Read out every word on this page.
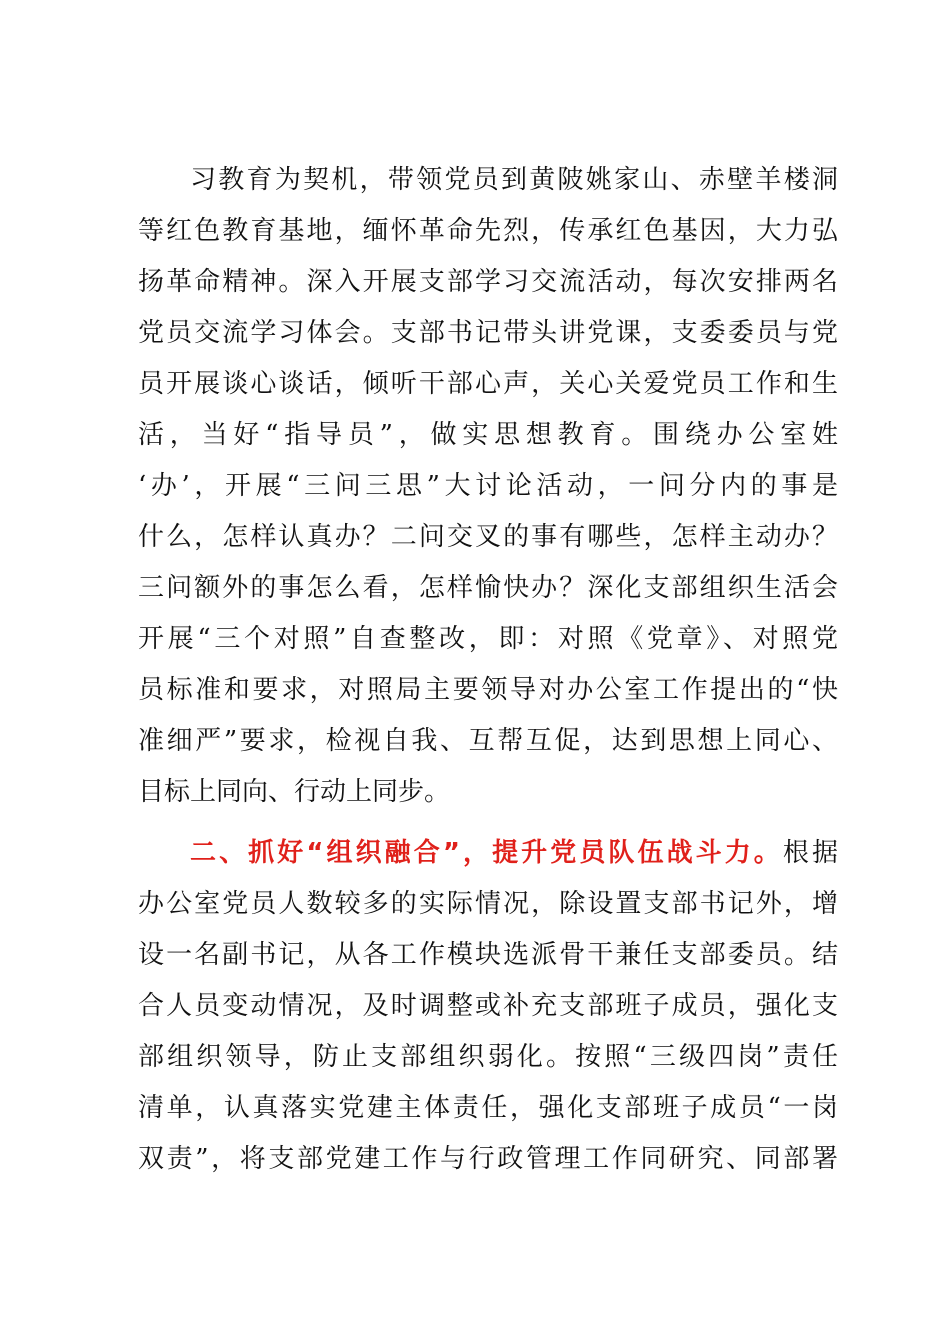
习教育为契机，带领党员到黄陂姚家山、赤壁羊楼洞
等红色教育基地，缅怀革命先烈，传承红色基因，大力弘
扬革命精神。深入开展支部学习交流活动，每次安排两名
党员交流学习体会。支部书记带头讲党课，支委委员与党
员开展谈心谈话，倾听干部心声，关心关爱党员工作和生
活，当好“指导员”，做实思想教育。围绕办公室姓
‘办’，开展“三问三思”大讨论活动，一问分内的事是
什么，怎样认真办？二问交叉的事有哪些，怎样主动办？
三问额外的事怎么看，怎样愉快办？深化支部组织生活会
开展“三个对照”自查整改，即：对照《党章》、对照党
员标准和要求，对照局主要领导对办公室工作提出的“快
准细严”要求，检视自我、互帮互促，达到思想上同心、
目标上同向、行动上同步。
二、抓好“组织融合”，提升党员队伍战斗力。根据
办公室党员人数较多的实际情况，除设置支部书记外，增
设一名副书记，从各工作模块选派骨干兼任支部委员。结
合人员变动情况，及时调整或补充支部班子成员，强化支
部组织领导，防止支部组织弱化。按照“三级四岗”责任
清单，认真落实党建主体责任，强化支部班子成员“一岗
双责”，将支部党建工作与行政管理工作同研究、同部署
